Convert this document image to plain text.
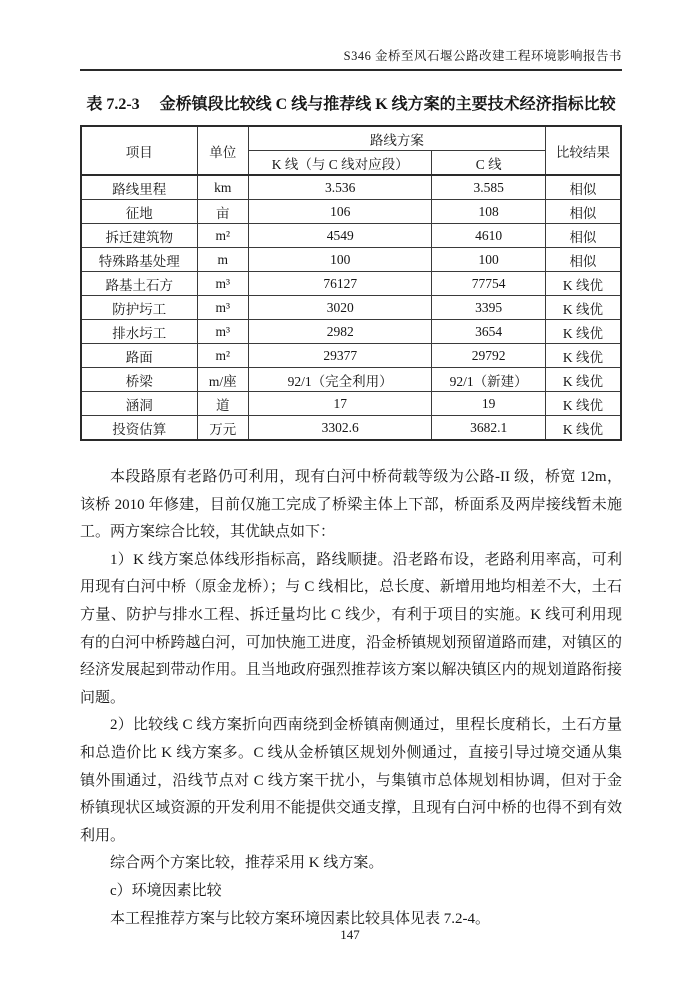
S346 金桥至风石堰公路改建工程环境影响报告书
表 7.2-3 金桥镇段比较线 C 线与推荐线 K 线方案的主要技术经济指标比较
项目	单位	路线方案		比较结果
		K 线（与 C 线对应段）	C 线	
路线里程	km	3.536	3.585	相似
征地	亩	106	108	相似
拆迁建筑物	m²	4549	4610	相似
特殊路基处理	m	100	100	相似
路基土石方	m³	76127	77754	K 线优
防护圬工	m³	3020	3395	K 线优
排水圬工	m³	2982	3654	K 线优
路面	m²	29377	29792	K 线优
桥梁	m/座	92/1（完全利用）	92/1（新建）	K 线优
涵洞	道	17	19	K 线优
投资估算	万元	3302.6	3682.1	K 线优

本段路原有老路仍可利用，现有白河中桥荷载等级为公路-II 级，桥宽 12m，该桥 2010 年修建，目前仅施工完成了桥梁主体上下部，桥面系及两岸接线暂未施工。两方案综合比较，其优缺点如下：

1）K 线方案总体线形指标高，路线顺捷。沿老路布设，老路利用率高，可利用现有白河中桥（原金龙桥）；与 C 线相比，总长度、新增用地均相差不大，土石方量、防护与排水工程、拆迁量均比 C 线少，有利于项目的实施。K 线可利用现有的白河中桥跨越白河，可加快施工进度，沿金桥镇规划预留道路而建，对镇区的经济发展起到带动作用。且当地政府强烈推荐该方案以解决镇区内的规划道路衔接问题。

2）比较线 C 线方案折向西南绕到金桥镇南侧通过，里程长度稍长，土石方量和总造价比 K 线方案多。C 线从金桥镇区规划外侧通过，直接引导过境交通从集镇外围通过，沿线节点对 C 线方案干扰小，与集镇市总体规划相协调，但对于金桥镇现状区域资源的开发利用不能提供交通支撑，且现有白河中桥的也得不到有效利用。

综合两个方案比较，推荐采用 K 线方案。

c）环境因素比较

本工程推荐方案与比较方案环境因素比较具体见表 7.2-4。

147
